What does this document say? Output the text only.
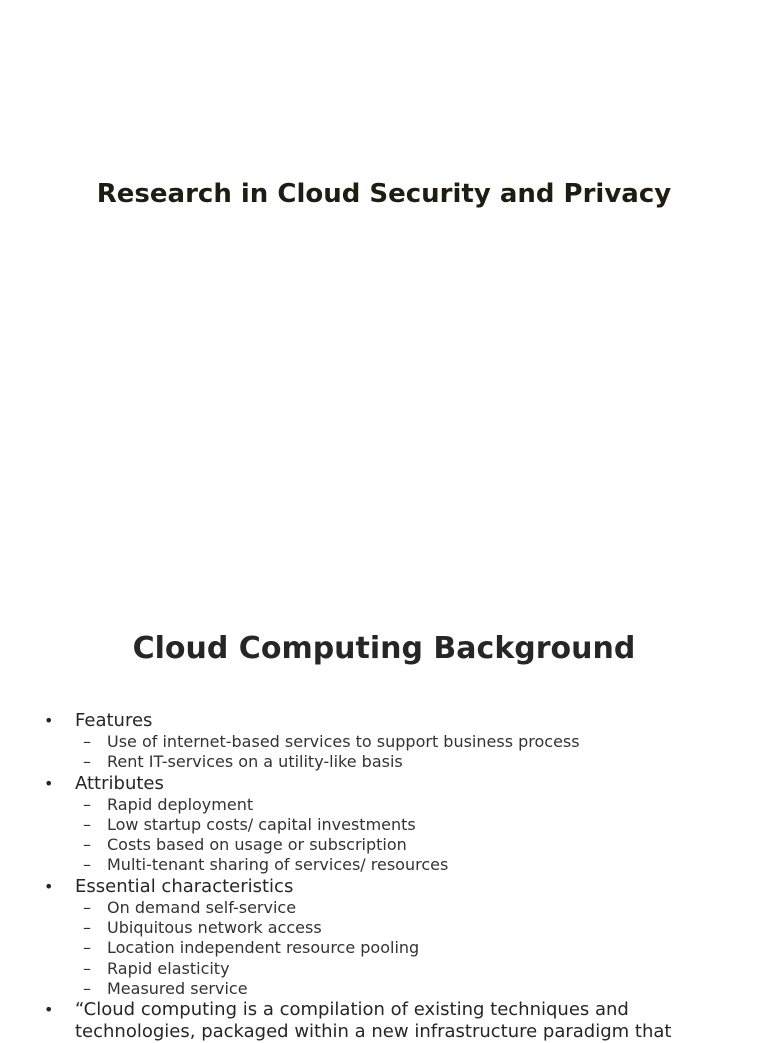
Research in Cloud Security and Privacy
Cloud Computing Background
• Features
– Use of internet-based services to support business process
– Rent IT-services on a utility-like basis
• Attributes
– Rapid deployment
– Low startup costs/ capital investments
– Costs based on usage or subscription
– Multi-tenant sharing of services/ resources
• Essential characteristics
– On demand self-service
– Ubiquitous network access
– Location independent resource pooling
– Rapid elasticity
– Measured service
• “Cloud computing is a compilation of existing techniques and technologies, packaged within a new infrastructure paradigm that
